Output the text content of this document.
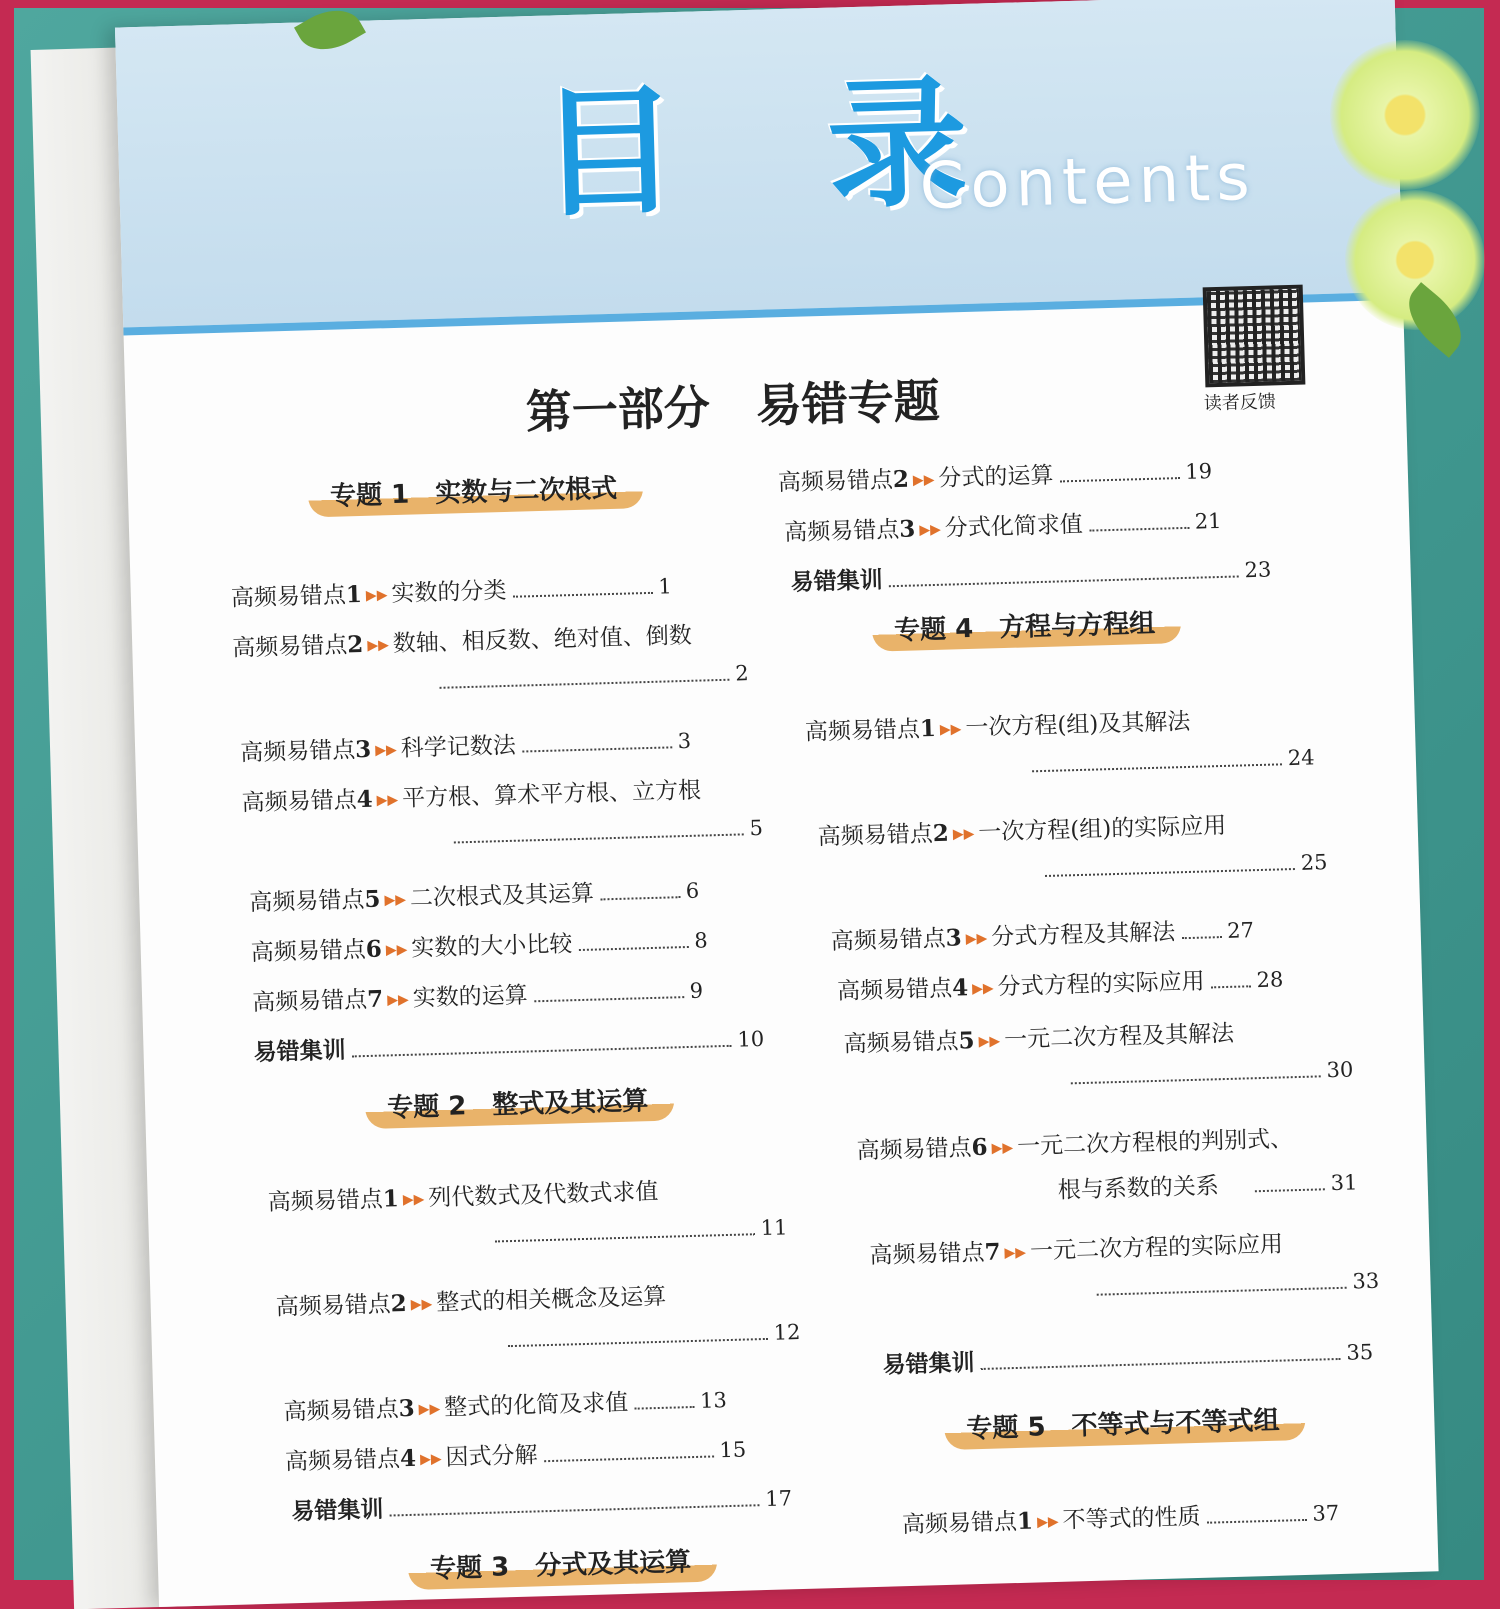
目 录
Contents
读者反馈
第一部分　易错专题
专题 1　实数与二次根式
高频易错点1 ▶▶ 实数的分类	1
高频易错点2 ▶▶ 数轴、相反数、绝对值、倒数
2
高频易错点3 ▶▶ 科学记数法	3
高频易错点4 ▶▶ 平方根、算术平方根、立方根
5
高频易错点5 ▶▶ 二次根式及其运算	6
高频易错点6 ▶▶ 实数的大小比较	8
高频易错点7 ▶▶ 实数的运算	9
易错集训	10
专题 2　整式及其运算
高频易错点1 ▶▶ 列代数式及代数式求值
11
高频易错点2 ▶▶ 整式的相关概念及运算
12
高频易错点3 ▶▶ 整式的化简及求值	13
高频易错点4 ▶▶ 因式分解	15
易错集训	17
专题 3　分式及其运算
高频易错点2 ▶▶ 分式的运算	19
高频易错点3 ▶▶ 分式化简求值	21
易错集训	23
专题 4　方程与方程组
高频易错点1 ▶▶ 一次方程(组)及其解法
24
高频易错点2 ▶▶ 一次方程(组)的实际应用
25
高频易错点3 ▶▶ 分式方程及其解法 27
高频易错点4 ▶▶ 分式方程的实际应用 28
高频易错点5 ▶▶ 一元二次方程及其解法
30
高频易错点6 ▶▶ 一元二次方程根的判别式、
根与系数的关系	31
高频易错点7 ▶▶ 一元二次方程的实际应用
33
易错集训	35
专题 5　不等式与不等式组
高频易错点1 ▶▶ 不等式的性质	37
